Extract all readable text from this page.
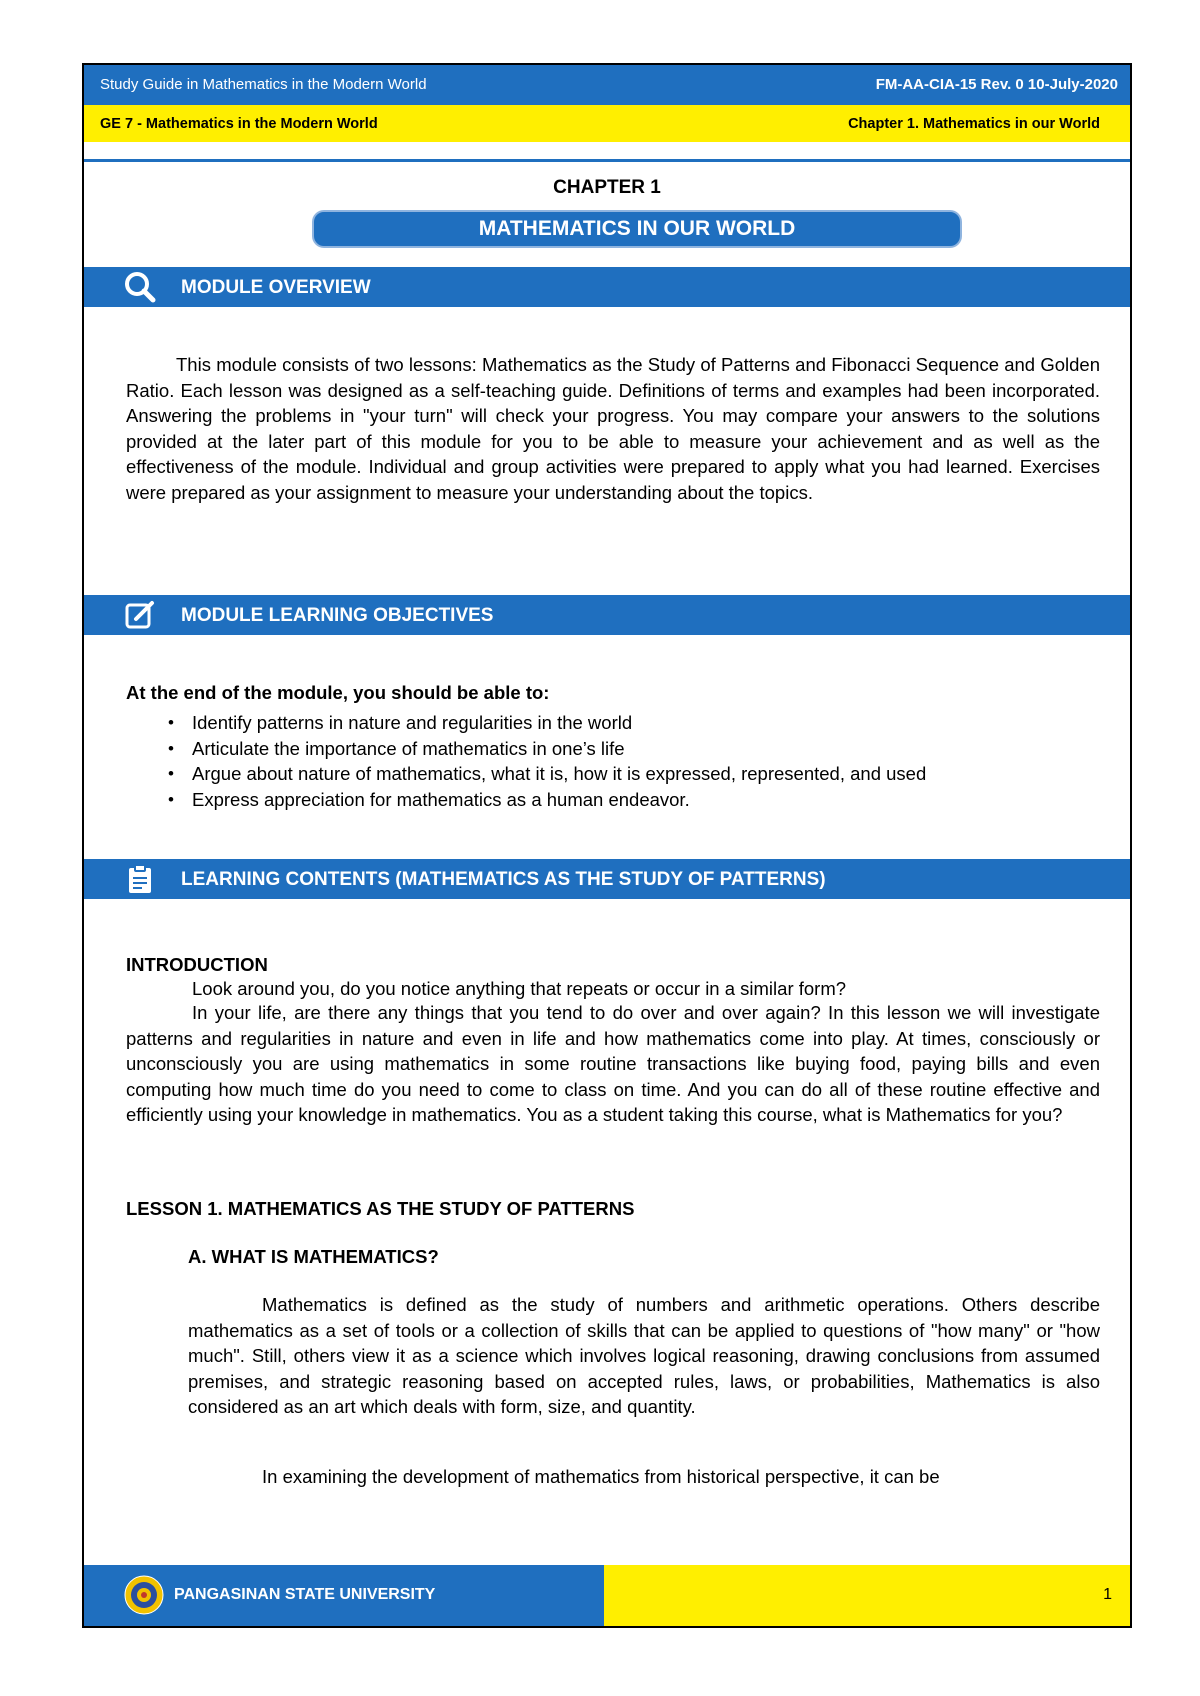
Study Guide in Mathematics in the Modern World	FM-AA-CIA-15 Rev. 0 10-July-2020
GE 7 - Mathematics in the Modern World	Chapter 1. Mathematics in our World
CHAPTER 1
MATHEMATICS IN OUR WORLD
MODULE OVERVIEW
This module consists of two lessons: Mathematics as the Study of Patterns and Fibonacci Sequence and Golden Ratio. Each lesson was designed as a self-teaching guide. Definitions of terms and examples had been incorporated. Answering the problems in "your turn" will check your progress. You may compare your answers to the solutions provided at the later part of this module for you to be able to measure your achievement and as well as the effectiveness of the module. Individual and group activities were prepared to apply what you had learned. Exercises were prepared as your assignment to measure your understanding about the topics.
MODULE LEARNING OBJECTIVES
At the end of the module, you should be able to:
• Identify patterns in nature and regularities in the world
• Articulate the importance of mathematics in one’s life
• Argue about nature of mathematics, what it is, how it is expressed, represented, and used
• Express appreciation for mathematics as a human endeavor.
LEARNING CONTENTS (MATHEMATICS AS THE STUDY OF PATTERNS)
INTRODUCTION
Look around you, do you notice anything that repeats or occur in a similar form?
In your life, are there any things that you tend to do over and over again? In this lesson we will investigate patterns and regularities in nature and even in life and how mathematics come into play. At times, consciously or unconsciously you are using mathematics in some routine transactions like buying food, paying bills and even computing how much time do you need to come to class on time. And you can do all of these routine effective and efficiently using your knowledge in mathematics. You as a student taking this course, what is Mathematics for you?
LESSON 1. MATHEMATICS AS THE STUDY OF PATTERNS
A. WHAT IS MATHEMATICS?
Mathematics is defined as the study of numbers and arithmetic operations. Others describe mathematics as a set of tools or a collection of skills that can be applied to questions of "how many" or "how much". Still, others view it as a science which involves logical reasoning, drawing conclusions from assumed premises, and strategic reasoning based on accepted rules, laws, or probabilities, Mathematics is also considered as an art which deals with form, size, and quantity.
In examining the development of mathematics from historical perspective, it can be
PANGASINAN STATE UNIVERSITY	1
